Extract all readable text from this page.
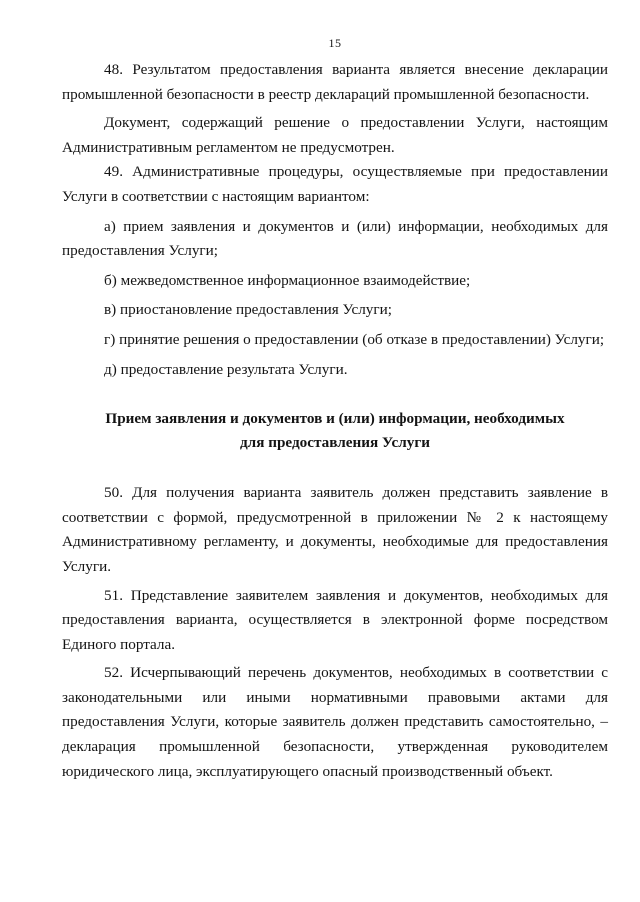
15

48. Результатом предоставления варианта является внесение декларации промышленной безопасности в реестр деклараций промышленной безопасности.

Документ, содержащий решение о предоставлении Услуги, настоящим Административным регламентом не предусмотрен.

49. Административные процедуры, осуществляемые при предоставлении Услуги в соответствии с настоящим вариантом:

а) прием заявления и документов и (или) информации, необходимых для предоставления Услуги;

б) межведомственное информационное взаимодействие;

в) приостановление предоставления Услуги;

г) принятие решения о предоставлении (об отказе в предоставлении) Услуги;

д) предоставление результата Услуги.

Прием заявления и документов и (или) информации, необходимых
для предоставления Услуги

50. Для получения варианта заявитель должен представить заявление в соответствии с формой, предусмотренной в приложении № 2 к настоящему Административному регламенту, и документы, необходимые для предоставления Услуги.

51. Представление заявителем заявления и документов, необходимых для предоставления варианта, осуществляется в электронной форме посредством Единого портала.

52. Исчерпывающий перечень документов, необходимых в соответствии с законодательными или иными нормативными правовыми актами для предоставления Услуги, которые заявитель должен представить самостоятельно, – декларация промышленной безопасности, утвержденная руководителем юридического лица, эксплуатирующего опасный производственный объект.
